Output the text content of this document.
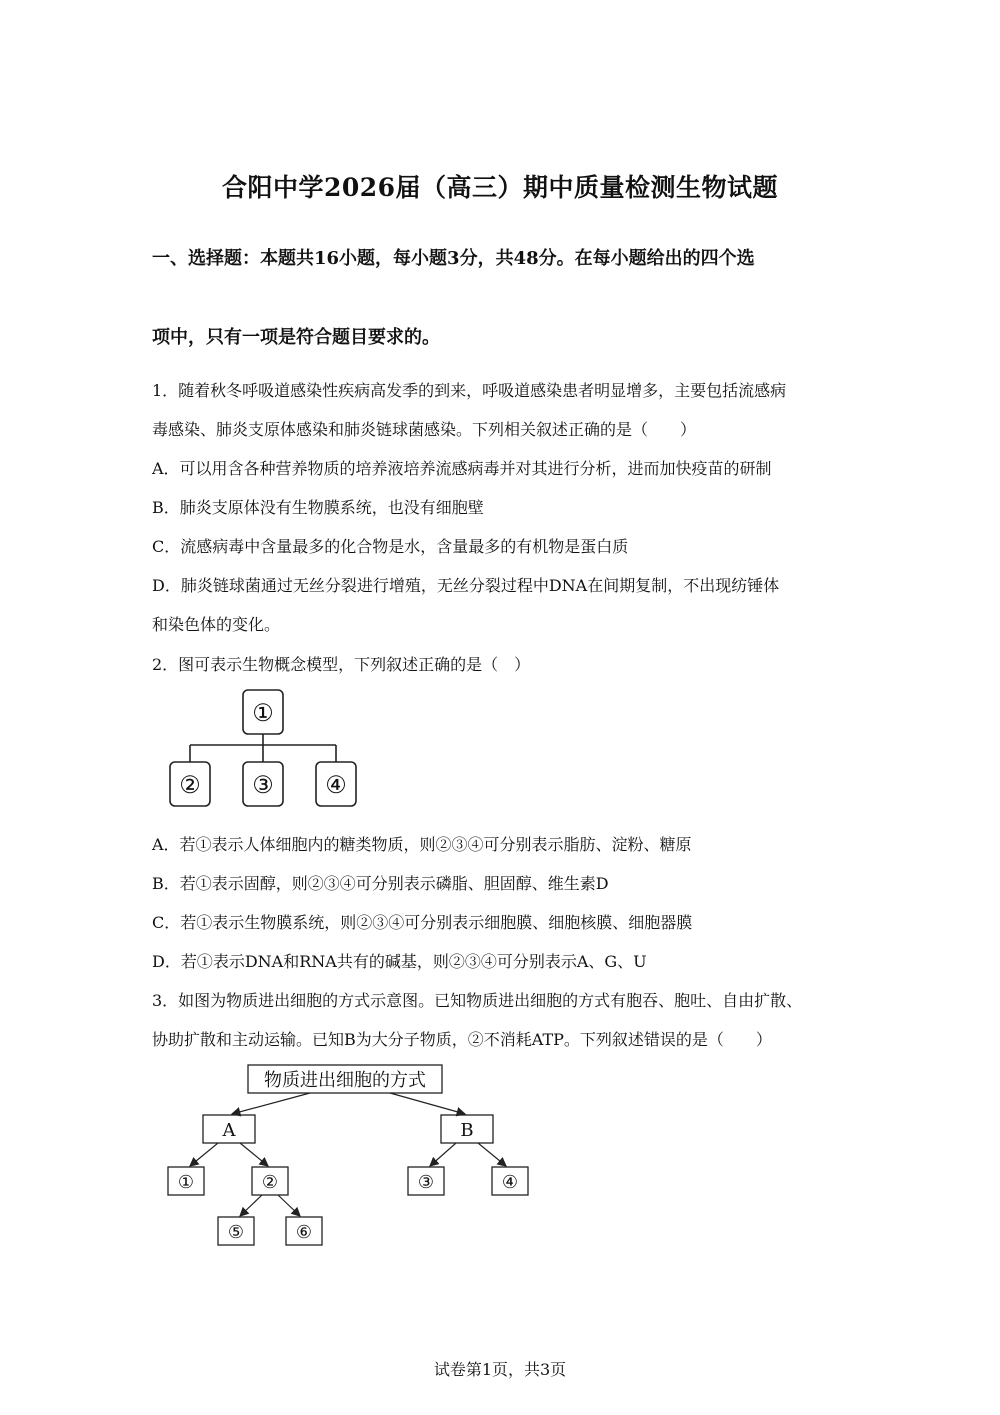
合阳中学2026届（高三）期中质量检测生物试题
一、选择题：本题共16小题，每小题3分，共48分。在每小题给出的四个选
项中，只有一项是符合题目要求的。
1．随着秋冬呼吸道感染性疾病高发季的到来，呼吸道感染患者明显增多，主要包括流感病
毒感染、肺炎支原体感染和肺炎链球菌感染。下列相关叙述正确的是（　　）
A．可以用含各种营养物质的培养液培养流感病毒并对其进行分析，进而加快疫苗的研制
B．肺炎支原体没有生物膜系统，也没有细胞壁
C．流感病毒中含量最多的化合物是水，含量最多的有机物是蛋白质
D．肺炎链球菌通过无丝分裂进行增殖，无丝分裂过程中DNA在间期复制，不出现纺锤体
和染色体的变化。
2．图可表示生物概念模型，下列叙述正确的是（　）
①
② ③ ④
A．若①表示人体细胞内的糖类物质，则②③④可分别表示脂肪、淀粉、糖原
B．若①表示固醇，则②③④可分别表示磷脂、胆固醇、维生素D
C．若①表示生物膜系统，则②③④可分别表示细胞膜、细胞核膜、细胞器膜
D．若①表示DNA和RNA共有的碱基，则②③④可分别表示A、G、U
3．如图为物质进出细胞的方式示意图。已知物质进出细胞的方式有胞吞、胞吐、自由扩散、
协助扩散和主动运输。已知B为大分子物质，②不消耗ATP。下列叙述错误的是（　　）
物质进出细胞的方式
A	B
①	②	③	④
⑤	⑥
试卷第1页，共3页
